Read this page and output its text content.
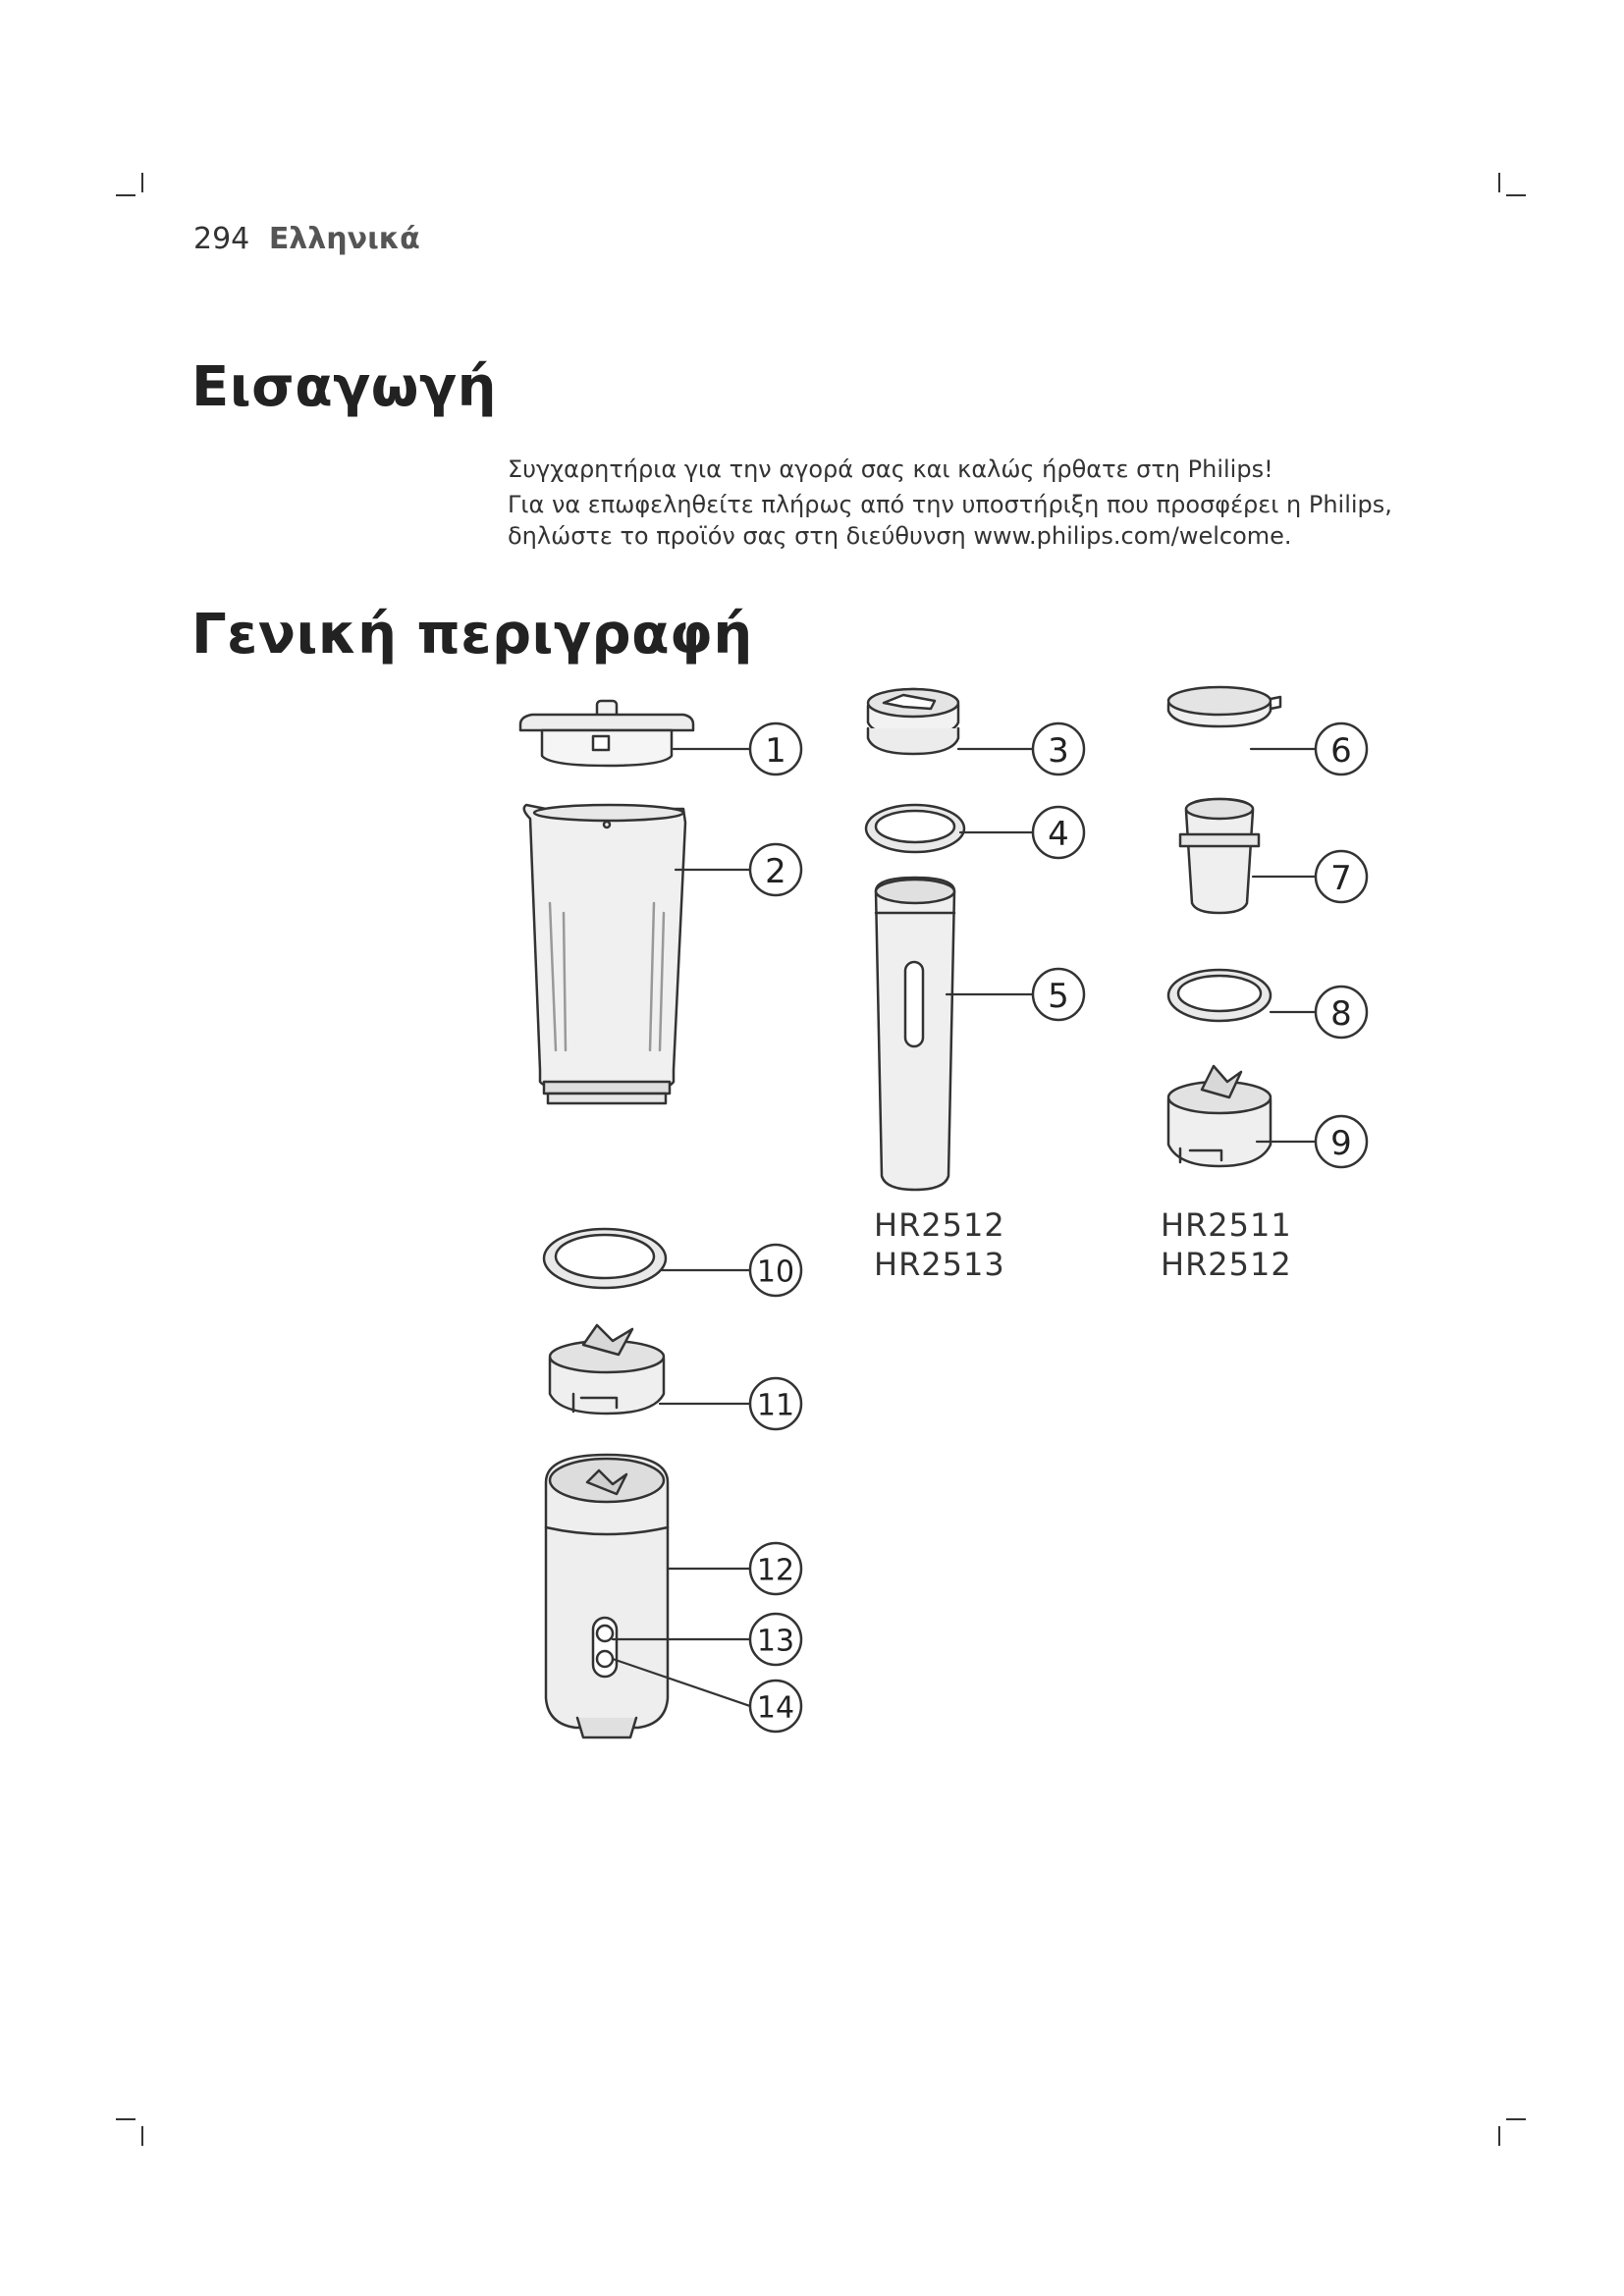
294 Ελληνικά
Εισαγωγή

Συγχαρητήρια για την αγορά σας και καλώς ήρθατε στη Philips!

Για να επωφεληθείτε πλήρως από την υποστήριξη που προσφέρει η Philips,

δηλώστε το προϊόν σας στη διεύθυνση www.philips.com/welcome.

Γενική περιγραφή
1
2
3
4
5
6
7
8
9
10
11
12
13
14
HR2512
HR2513
HR2511
HR2512
